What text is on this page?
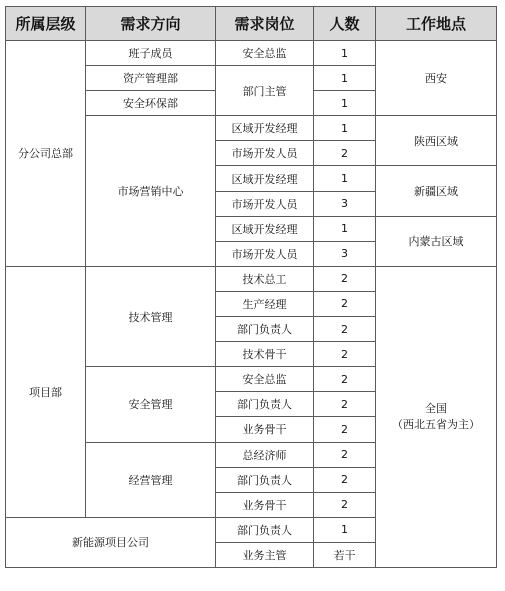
所属层级	需求方向	需求岗位	人数	工作地点
分公司总部	班子成员	安全总监	1	西安
	资产管理部	部门主管	1	
	安全环保部		1	
	市场营销中心	区域开发经理	1	陕西区域
		市场开发人员	2	
		区域开发经理	1	新疆区域
		市场开发人员	3	
		区域开发经理	1	内蒙古区域
		市场开发人员	3	
项目部	技术管理	技术总工	2	全国
（西北五省为主）
		生产经理	2	
		部门负责人	2	
		技术骨干	2	
	安全管理	安全总监	2	
		部门负责人	2	
		业务骨干	2	
	经营管理	总经济师	2	
		部门负责人	2	
		业务骨干	2	
新能源项目公司		部门负责人	1	
		业务主管	若干	
